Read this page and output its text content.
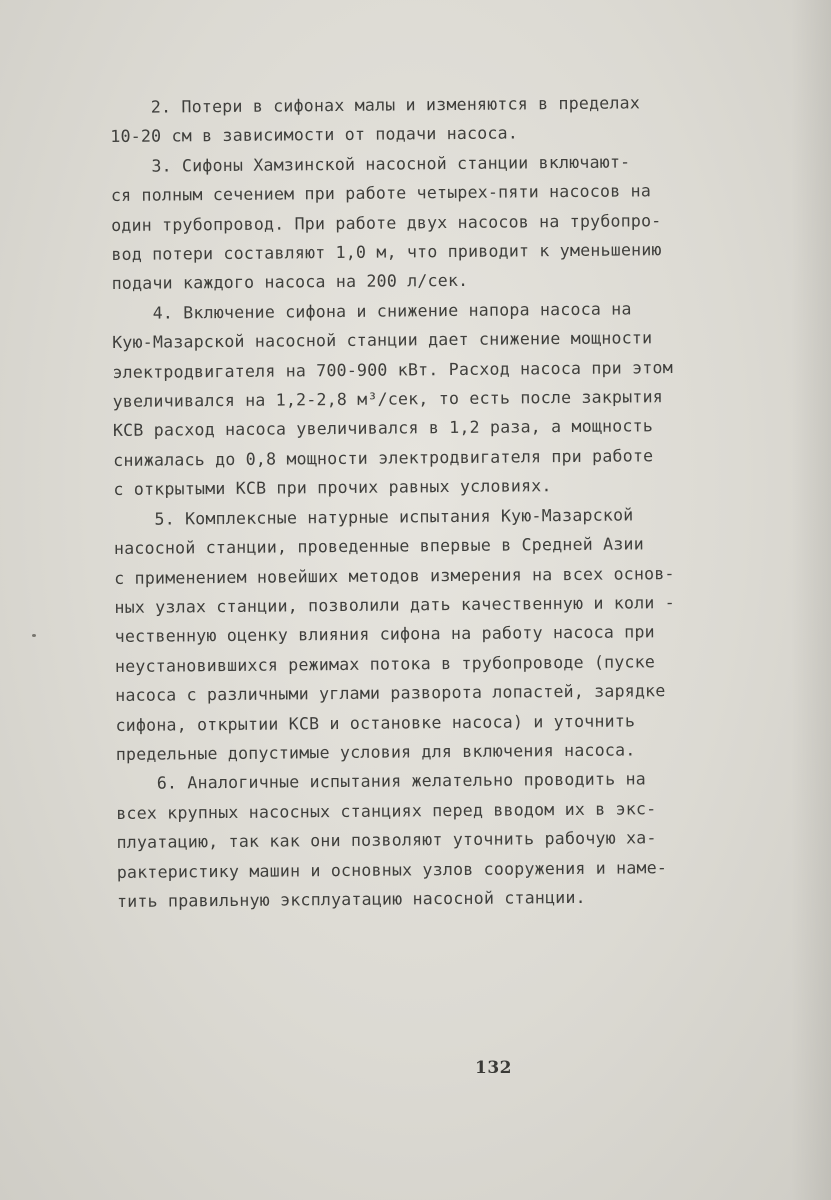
2. Потери в сифонах малы и изменяются в пределах
10-20 см в зависимости от подачи насоса.
3. Сифоны Хамзинской насосной станции включают-
ся полным сечением при работе четырех-пяти насосов на
один трубопровод. При работе двух насосов на трубопро-
вод потери составляют 1,0 м, что приводит к уменьшению
подачи каждого насоса на 200 л/сек.
4. Включение сифона и снижение напора насоса на
Кую-Мазарской насосной станции дает снижение мощности
электродвигателя на 700-900 кВт. Расход насоса при этом
увеличивался на 1,2-2,8 м³/сек, то есть после закрытия
КСВ расход насоса увеличивался в 1,2 раза, а мощность
снижалась до 0,8 мощности электродвигателя при работе
с открытыми КСВ при прочих равных условиях.
5. Комплексные натурные испытания Кую-Мазарской
насосной станции, проведенные впервые в Средней Азии
с применением новейших методов измерения на всех основ-
ных узлах станции, позволили дать качественную и коли -
чественную оценку влияния сифона на работу насоса при
неустановившихся режимах потока в трубопроводе (пуске
насоса с различными углами разворота лопастей, зарядке
сифона, открытии КСВ и остановке насоса) и уточнить
предельные допустимые условия для включения насоса.
6. Аналогичные испытания желательно проводить на
всех крупных насосных станциях перед вводом их в экс-
плуатацию, так как они позволяют уточнить рабочую ха-
рактеристику машин и основных узлов сооружения и наме-
тить правильную эксплуатацию насосной станции.
132
